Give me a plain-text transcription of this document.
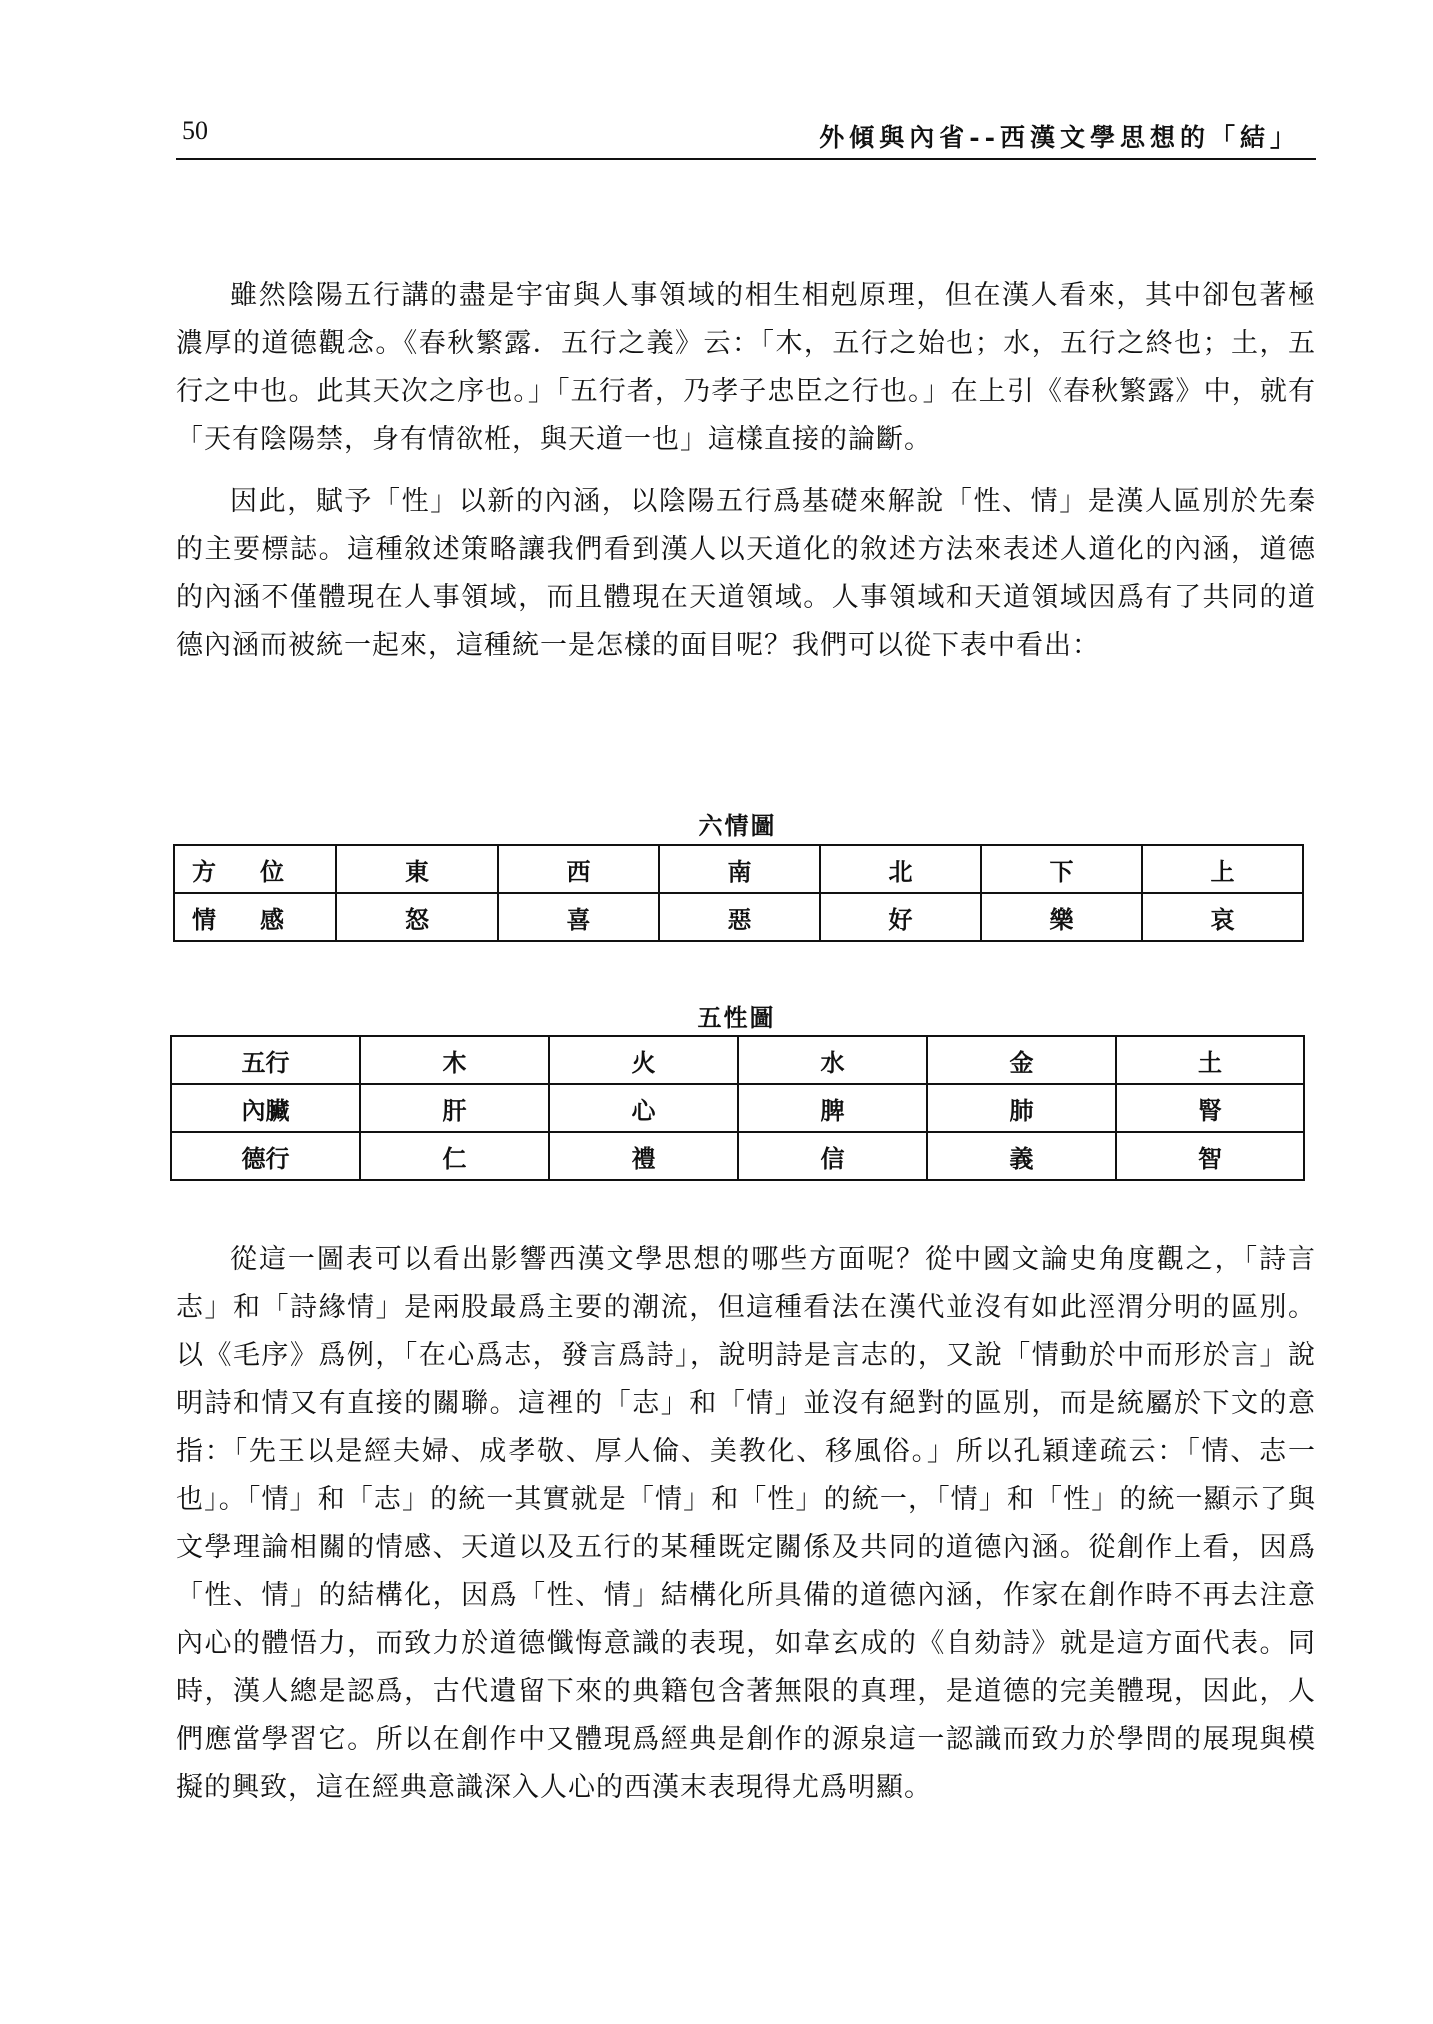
50	外傾與內省--西漢文學思想的「結」

雖然陰陽五行講的盡是宇宙與人事領域的相生相剋原理，但在漢人看來，其中卻包著極濃厚的道德觀念。《春秋繁露．五行之義》云：「木，五行之始也；水，五行之終也；土，五行之中也。此其天次之序也。」「五行者，乃孝子忠臣之行也。」在上引《春秋繁露》中，就有「天有陰陽禁，身有情欲栣，與天道一也」這樣直接的論斷。

因此，賦予「性」以新的內涵，以陰陽五行爲基礎來解說「性、情」是漢人區別於先秦的主要標誌。這種敘述策略讓我們看到漢人以天道化的敘述方法來表述人道化的內涵，道德的內涵不僅體現在人事領域，而且體現在天道領域。人事領域和天道領域因爲有了共同的道德內涵而被統一起來，這種統一是怎樣的面目呢？我們可以從下表中看出：

六情圖
方位	東	西	南	北	下	上
情感	怒	喜	惡	好	樂	哀
五性圖
五行	木	火	水	金	土
內臟	肝	心	脾	肺	腎
德行	仁	禮	信	義	智

從這一圖表可以看出影響西漢文學思想的哪些方面呢？從中國文論史角度觀之，「詩言志」和「詩緣情」是兩股最爲主要的潮流，但這種看法在漢代並沒有如此涇渭分明的區別。以《毛序》爲例，「在心爲志，發言爲詩」，說明詩是言志的，又說「情動於中而形於言」說明詩和情又有直接的關聯。這裡的「志」和「情」並沒有絕對的區別，而是統屬於下文的意指：「先王以是經夫婦、成孝敬、厚人倫、美教化、移風俗。」所以孔穎達疏云：「情、志一也」。「情」和「志」的統一其實就是「情」和「性」的統一，「情」和「性」的統一顯示了與文學理論相關的情感、天道以及五行的某種既定關係及共同的道德內涵。從創作上看，因爲「性、情」的結構化，因爲「性、情」結構化所具備的道德內涵，作家在創作時不再去注意內心的體悟力，而致力於道德懺悔意識的表現，如韋玄成的《自劾詩》就是這方面代表。同時，漢人總是認爲，古代遺留下來的典籍包含著無限的真理，是道德的完美體現，因此，人們應當學習它。所以在創作中又體現爲經典是創作的源泉這一認識而致力於學問的展現與模擬的興致，這在經典意識深入人心的西漢末表現得尤爲明顯。
